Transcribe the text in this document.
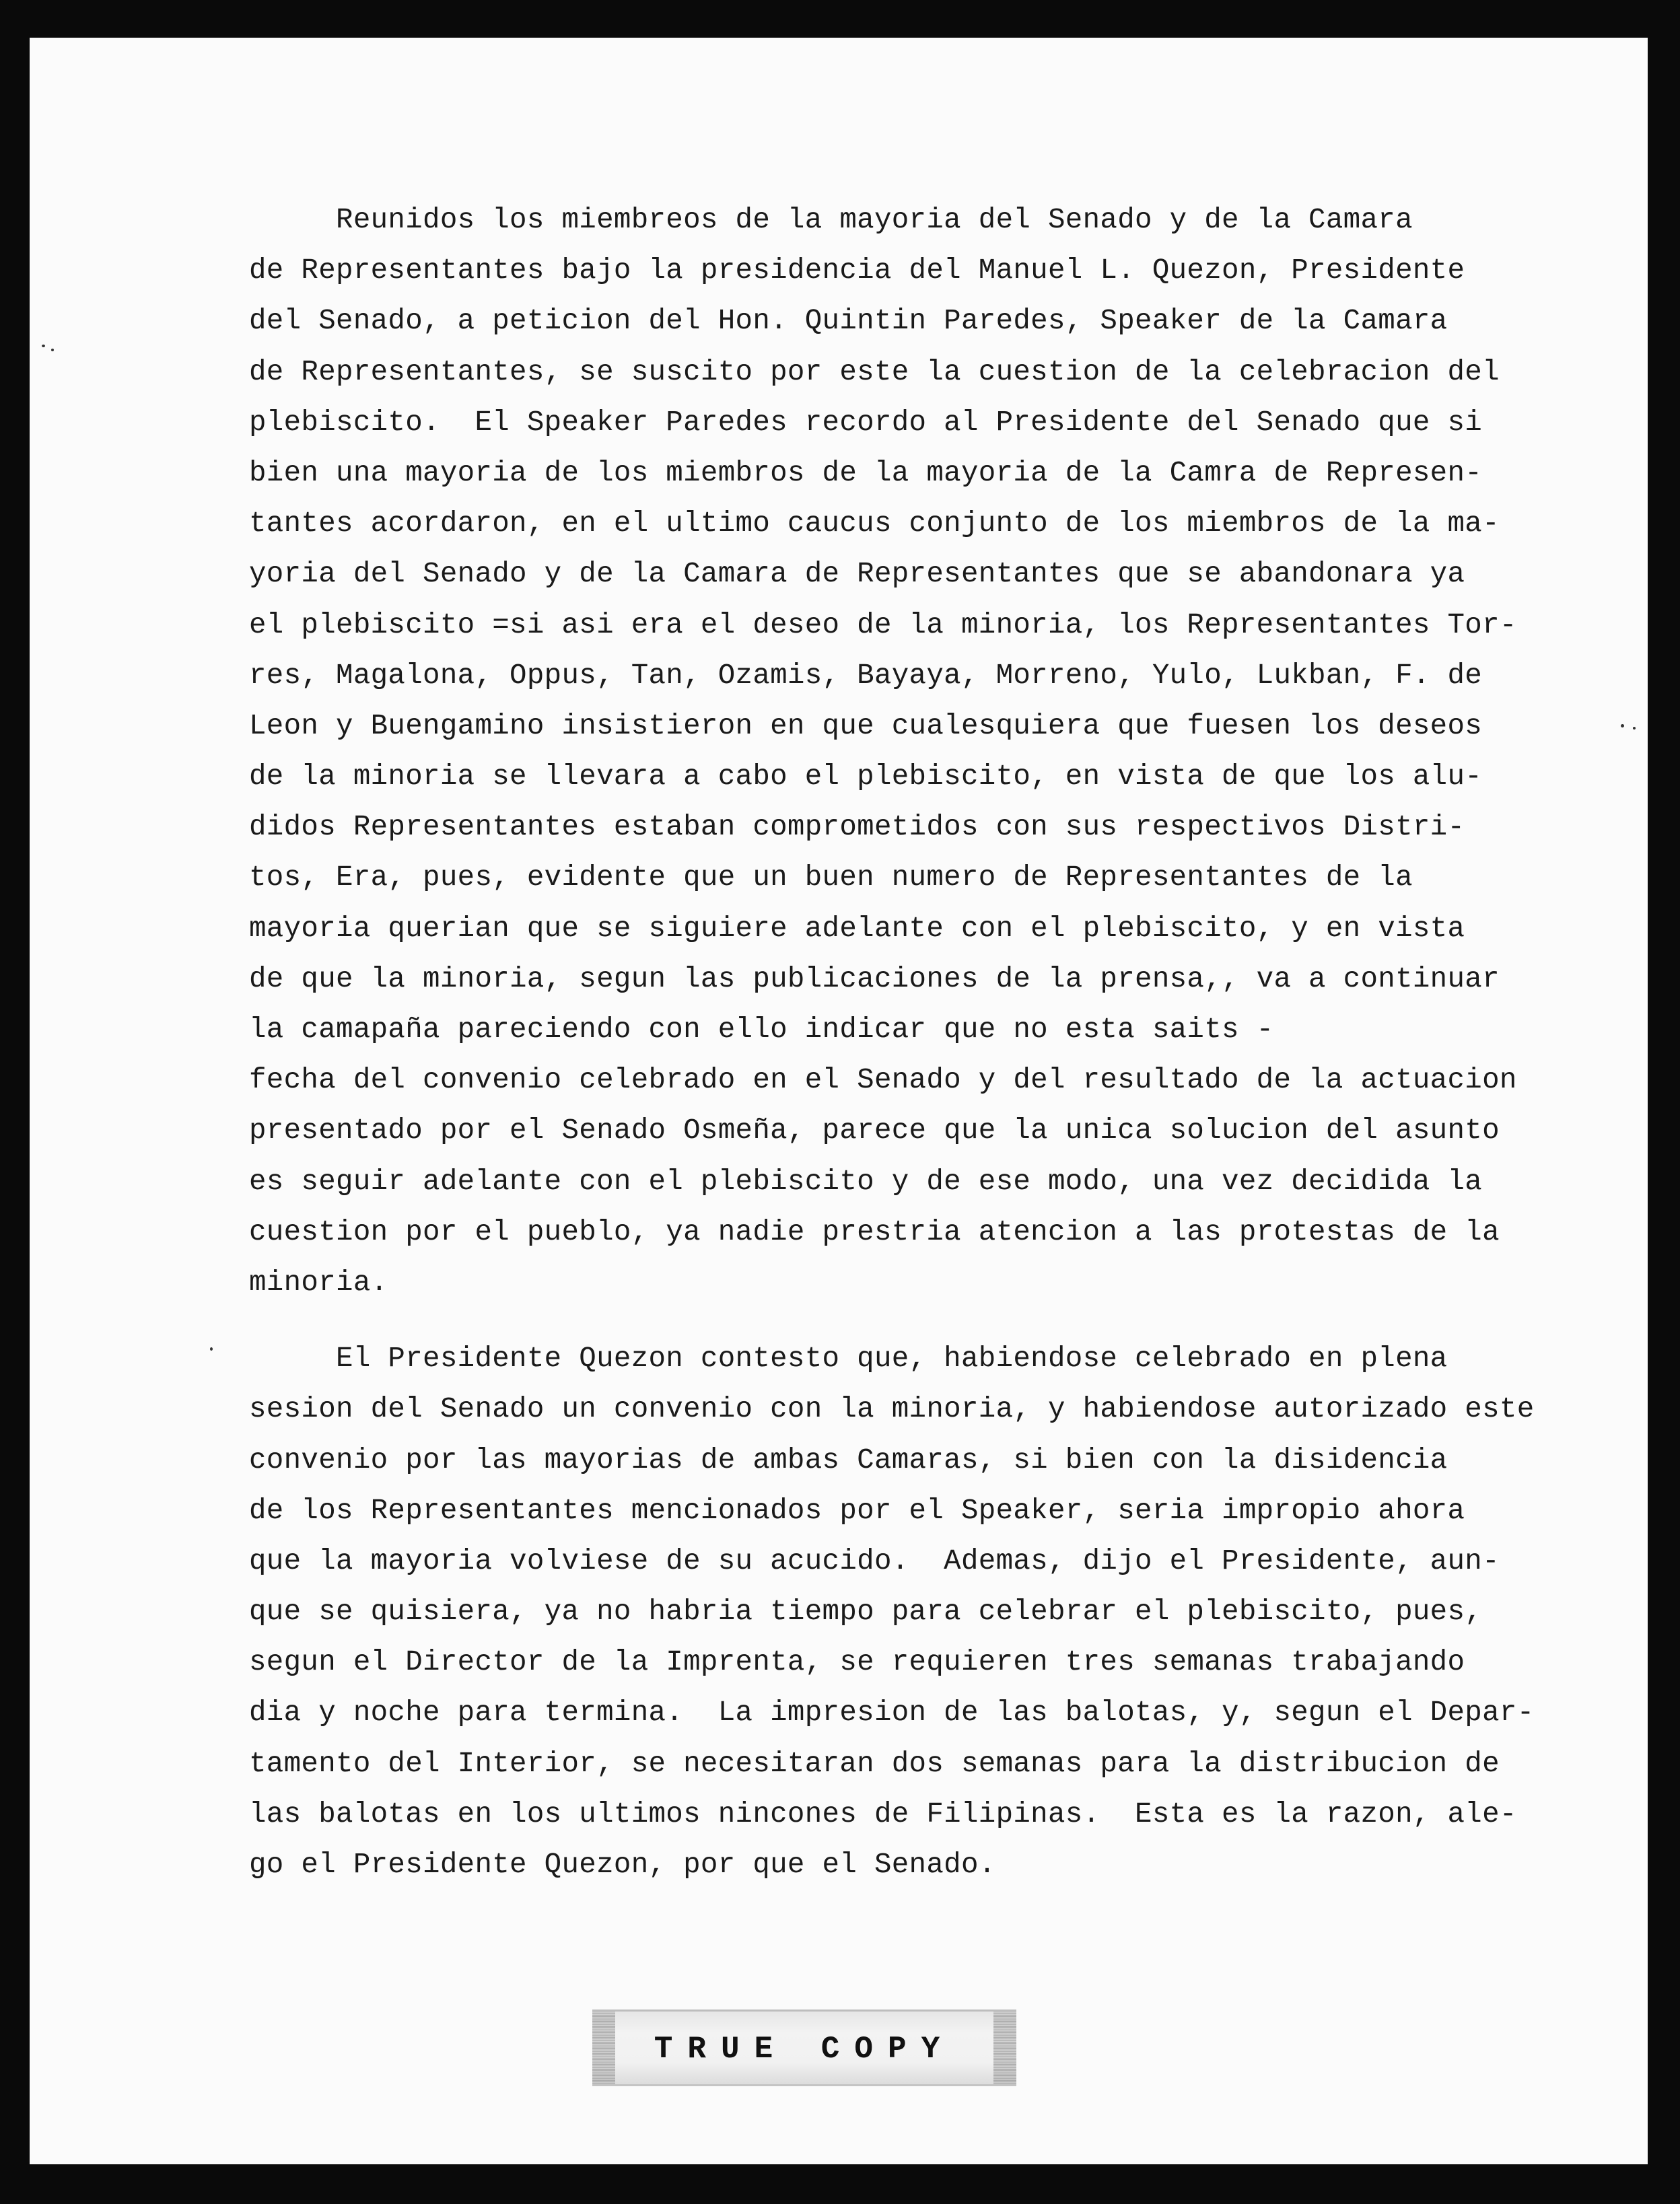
Reunidos los miembreos de la mayoria del Senado y de la Camara
de Representantes bajo la presidencia del Manuel L. Quezon, Presidente
del Senado, a peticion del Hon. Quintin Paredes, Speaker de la Camara
de Representantes, se suscito por este la cuestion de la celebracion del
plebiscito.  El Speaker Paredes recordo al Presidente del Senado que si
bien una mayoria de los miembros de la mayoria de la Camra de Represen-
tantes acordaron, en el ultimo caucus conjunto de los miembros de la ma-
yoria del Senado y de la Camara de Representantes que se abandonara ya
el plebiscito =si asi era el deseo de la minoria, los Representantes Tor-
res, Magalona, Oppus, Tan, Ozamis, Bayaya, Morreno, Yulo, Lukban, F. de
Leon y Buengamino insistieron en que cualesquiera que fuesen los deseos
de la minoria se llevara a cabo el plebiscito, en vista de que los alu-
didos Representantes estaban comprometidos con sus respectivos Distri-
tos, Era, pues, evidente que un buen numero de Representantes de la
mayoria querian que se siguiere adelante con el plebiscito, y en vista
de que la minoria, segun las publicaciones de la prensa,, va a continuar
la camapaña pareciendo con ello indicar que no esta saits -
fecha del convenio celebrado en el Senado y del resultado de la actuacion
presentado por el Senado Osmeña, parece que la unica solucion del asunto
es seguir adelante con el plebiscito y de ese modo, una vez decidida la
cuestion por el pueblo, ya nadie prestria atencion a las protestas de la
minoria.

El Presidente Quezon contesto que, habiendose celebrado en plena
sesion del Senado un convenio con la minoria, y habiendose autorizado este
convenio por las mayorias de ambas Camaras, si bien con la disidencia
de los Representantes mencionados por el Speaker, seria impropio ahora
que la mayoria volviese de su acucido.  Ademas, dijo el Presidente, aun-
que se quisiera, ya no habria tiempo para celebrar el plebiscito, pues,
segun el Director de la Imprenta, se requieren tres semanas trabajando
dia y noche para termina.  La impresion de las balotas, y, segun el Depar-
tamento del Interior, se necesitaran dos semanas para la distribucion de
las balotas en los ultimos nincones de Filipinas.  Esta es la razon, ale-
go el Presidente Quezon, por que el Senado.

TRUE COPY
